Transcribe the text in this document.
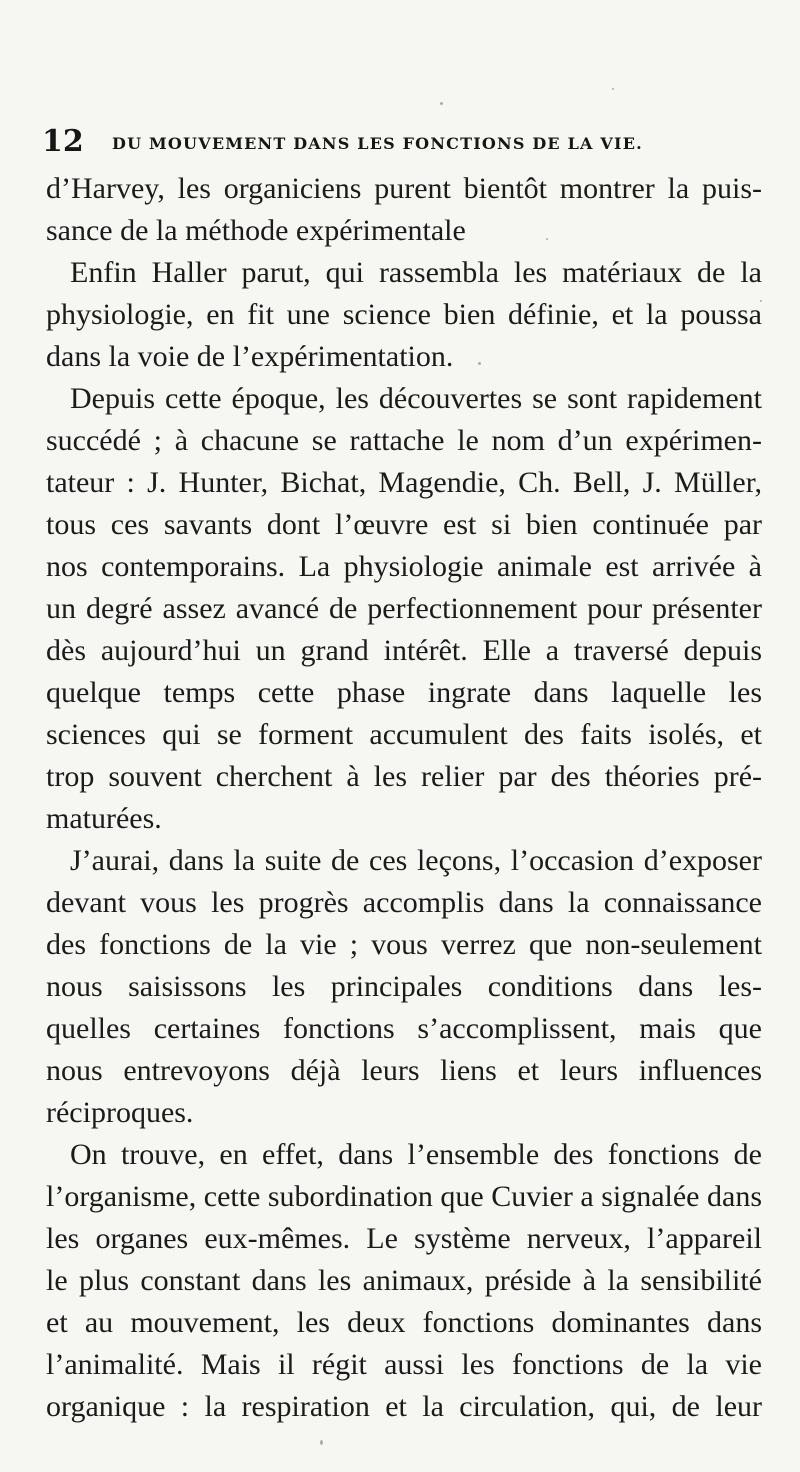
12 DU MOUVEMENT DANS LES FONCTIONS DE LA VIE.
d’Harvey, les organiciens purent bientôt montrer la puis-
sance de la méthode expérimentale
Enfin Haller parut, qui rassembla les matériaux de la
physiologie, en fit une science bien définie, et la poussa
dans la voie de l’expérimentation.
Depuis cette époque, les découvertes se sont rapidement
succédé ; à chacune se rattache le nom d’un expérimen-
tateur : J. Hunter, Bichat, Magendie, Ch. Bell, J. Müller,
tous ces savants dont l’œuvre est si bien continuée par
nos contemporains. La physiologie animale est arrivée à
un degré assez avancé de perfectionnement pour présenter
dès aujourd’hui un grand intérêt. Elle a traversé depuis
quelque temps cette phase ingrate dans laquelle les
sciences qui se forment accumulent des faits isolés, et
trop souvent cherchent à les relier par des théories pré-
maturées.
J’aurai, dans la suite de ces leçons, l’occasion d’exposer
devant vous les progrès accomplis dans la connaissance
des fonctions de la vie ; vous verrez que non-seulement
nous saisissons les principales conditions dans les-
quelles certaines fonctions s’accomplissent, mais que
nous entrevoyons déjà leurs liens et leurs influences
réciproques.
On trouve, en effet, dans l’ensemble des fonctions de
l’organisme, cette subordination que Cuvier a signalée dans
les organes eux-mêmes. Le système nerveux, l’appareil
le plus constant dans les animaux, préside à la sensibilité
et au mouvement, les deux fonctions dominantes dans
l’animalité. Mais il régit aussi les fonctions de la vie
organique : la respiration et la circulation, qui, de leur
